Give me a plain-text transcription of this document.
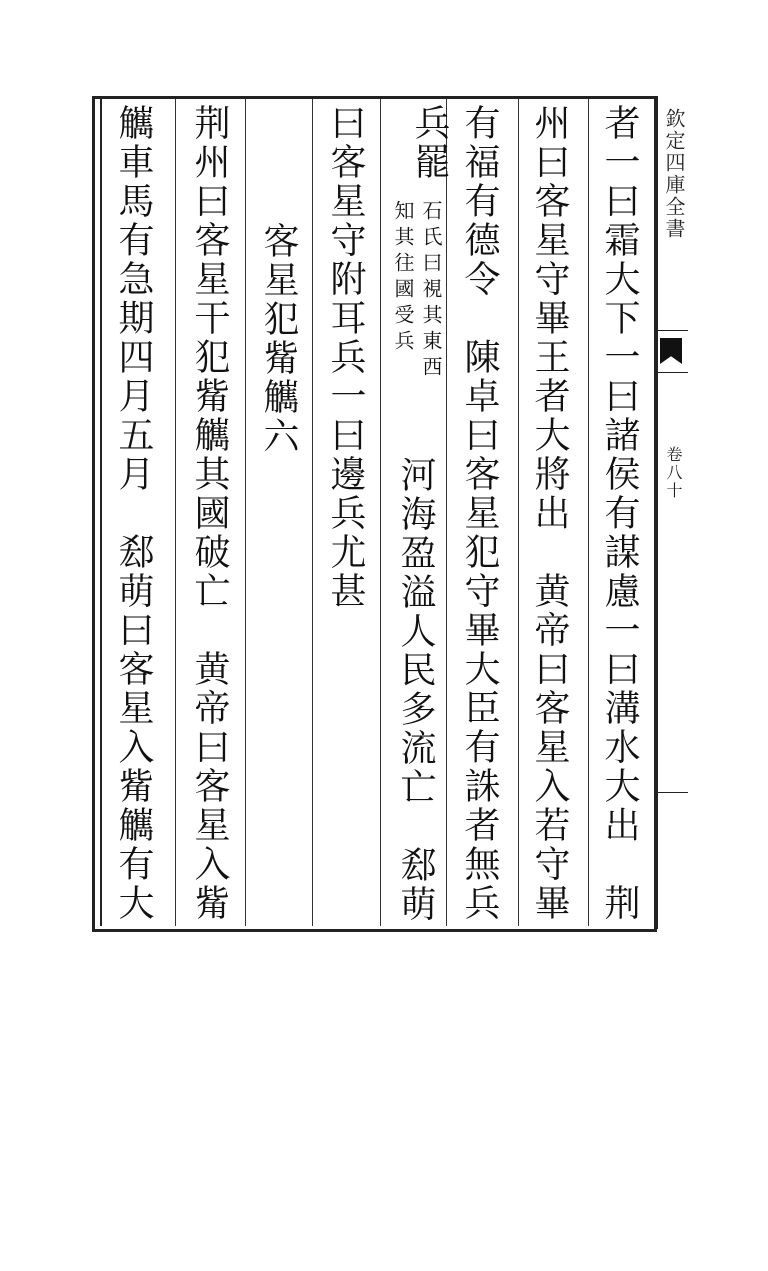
者一曰霜大下一曰諸侯有謀慮一曰溝水大出　荆
州曰客星守畢王者大將出　黄帝曰客星入若守畢
有福有德令　陳卓曰客星犯守畢大臣有誅者無兵
兵罷
石氏曰視其東西
知其往國受兵
河海盈溢人民多流亡　郄萌
曰客星守附耳兵一曰邊兵尤甚
客星犯觜觽六
荆州曰客星干犯觜觽其國破亡　黄帝曰客星入觜
觽車馬有急期四月五月　郄萌曰客星入觜觽有大	欽定四庫全書
卷八十
